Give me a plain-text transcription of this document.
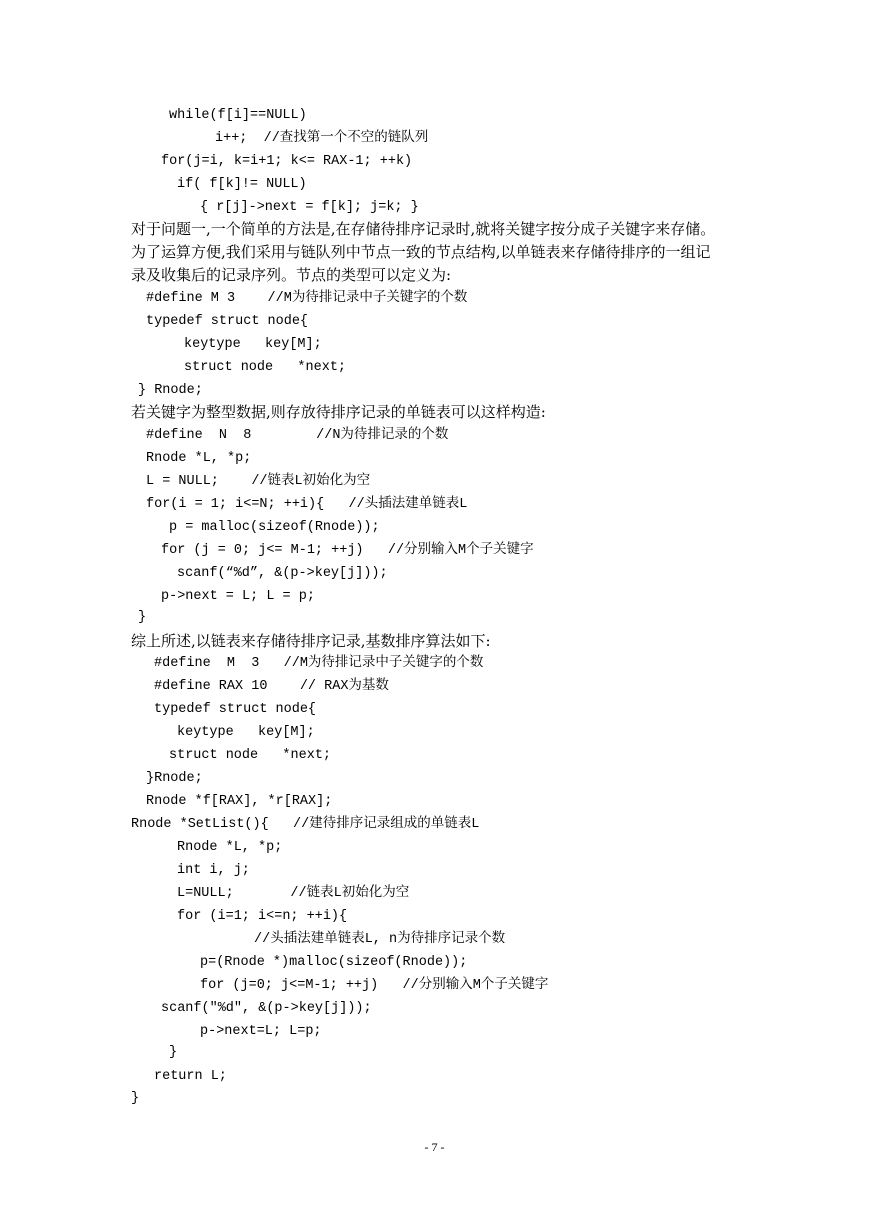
while(f[i]==NULL)
i++;  //查找第一个不空的链队列
for(j=i, k=i+1; k<= RAX-1; ++k)
if( f[k]!= NULL)
{ r[j]->next = f[k]; j=k; }
对于问题一,一个简单的方法是,在存储待排序记录时,就将关键字按分成子关键字来存储。
为了运算方便,我们采用与链队列中节点一致的节点结构,以单链表来存储待排序的一组记
录及收集后的记录序列。节点的类型可以定义为:
#define M 3    //M为待排记录中子关键字的个数
typedef struct node{
keytype   key[M];
struct node   *next;
} Rnode;
若关键字为整型数据,则存放待排序记录的单链表可以这样构造:
#define  N  8        //N为待排记录的个数
Rnode *L, *p;
L = NULL;    //链表L初始化为空
for(i = 1; i<=N; ++i){   //头插法建单链表L
p = malloc(sizeof(Rnode));
for (j = 0; j<= M-1; ++j)   //分别输入M个子关键字
scanf(“%d”, &(p->key[j]));
p->next = L; L = p;
}
综上所述,以链表来存储待排序记录,基数排序算法如下:
#define  M  3   //M为待排记录中子关键字的个数
#define RAX 10    // RAX为基数
typedef struct node{
keytype   key[M];
struct node   *next;
}Rnode;
Rnode *f[RAX], *r[RAX];
Rnode *SetList(){   //建待排序记录组成的单链表L
Rnode *L, *p;
int i, j;
L=NULL;       //链表L初始化为空
for (i=1; i<=n; ++i){
//头插法建单链表L, n为待排序记录个数
p=(Rnode *)malloc(sizeof(Rnode));
for (j=0; j<=M-1; ++j)   //分别输入M个子关键字
scanf("%d", &(p->key[j]));
p->next=L; L=p;
}
return L;
}
- 7 -
